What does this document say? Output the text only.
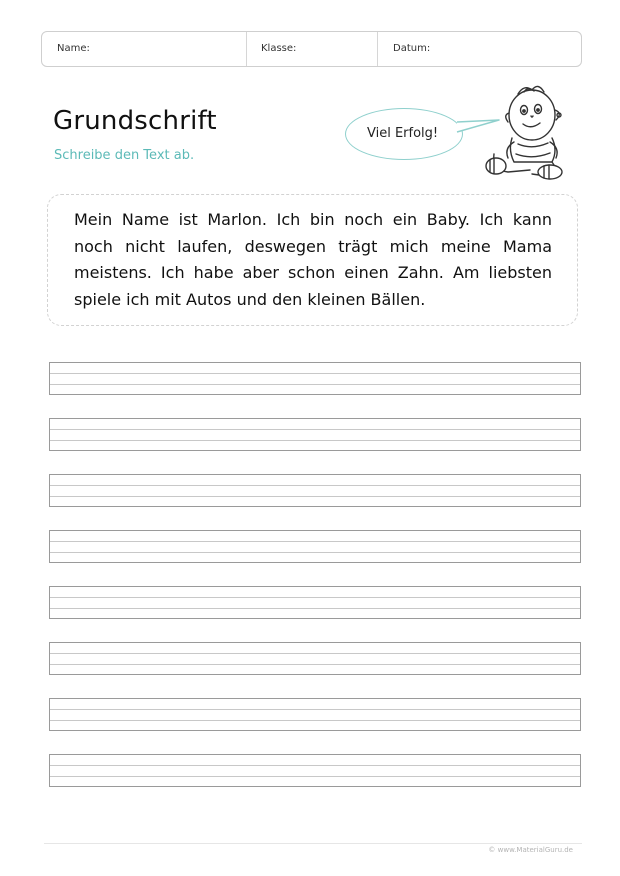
Name:	Klasse:	Datum:
Grundschrift
Schreibe den Text ab.
Viel Erfolg!
Mein Name ist Marlon. Ich bin noch ein Baby. Ich kann
noch nicht laufen, deswegen trägt mich meine Mama
meistens. Ich habe aber schon einen Zahn. Am liebsten
spiele ich mit Autos und den kleinen Bällen.
© www.MaterialGuru.de
